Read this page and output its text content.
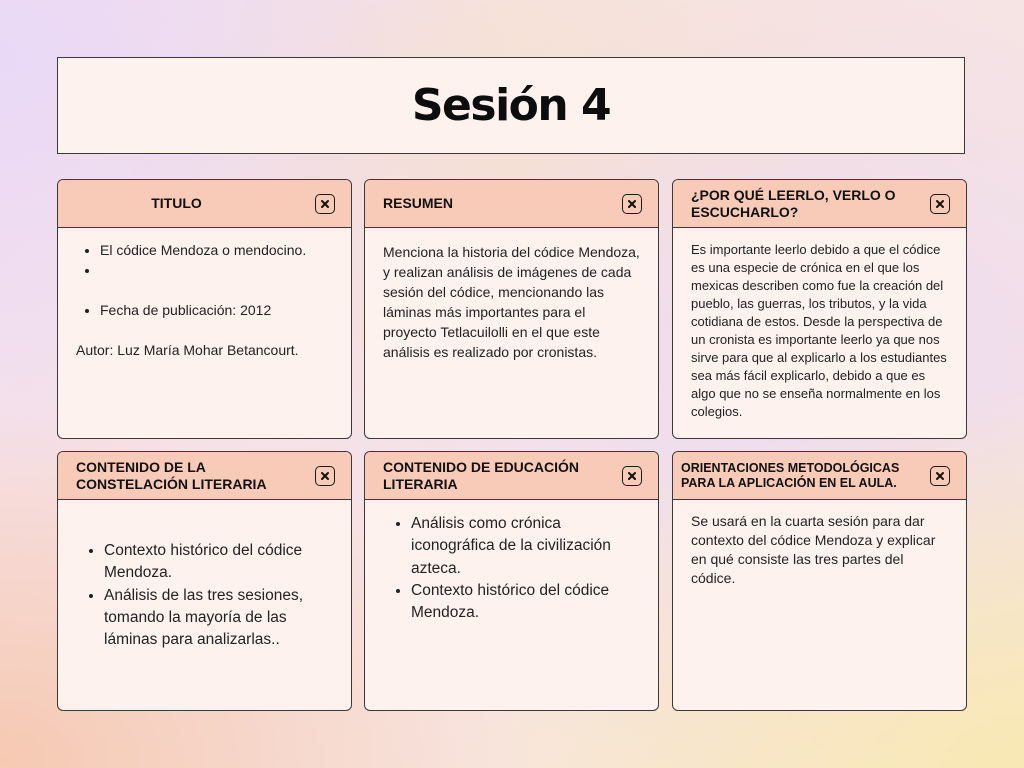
Sesión 4
TITULO
• El códice Mendoza o mendocino.
•
• Fecha de publicación: 2012

Autor: Luz María Mohar Betancourt.

RESUMEN

Menciona la historia del códice Mendoza, y realizan análisis de imágenes de cada sesión del códice, mencionando las láminas más importantes para el proyecto Tetlacuilolli en el que este análisis es realizado por cronistas.

¿POR QUÉ LEERLO, VERLO O ESCUCHARLO?

Es importante leerlo debido a que el códice es una especie de crónica en el que los mexicas describen como fue la creación del pueblo, las guerras, los tributos, y la vida cotidiana de estos. Desde la perspectiva de un cronista es importante leerlo ya que nos sirve para que al explicarlo a los estudiantes sea más fácil explicarlo, debido a que es algo que no se enseña normalmente en los colegios.

CONTENIDO DE LA CONSTELACIÓN LITERARIA
• Contexto histórico del códice Mendoza.
• Análisis de las tres sesiones, tomando la mayoría de las láminas para analizarlas..
CONTENIDO DE EDUCACIÓN LITERARIA
• Análisis como crónica iconográfica de la civilización azteca.
• Contexto histórico del códice Mendoza.
ORIENTACIONES METODOLÓGICAS PARA LA APLICACIÓN EN EL AULA.

Se usará en la cuarta sesión para dar contexto del códice Mendoza y explicar en qué consiste las tres partes del códice.
